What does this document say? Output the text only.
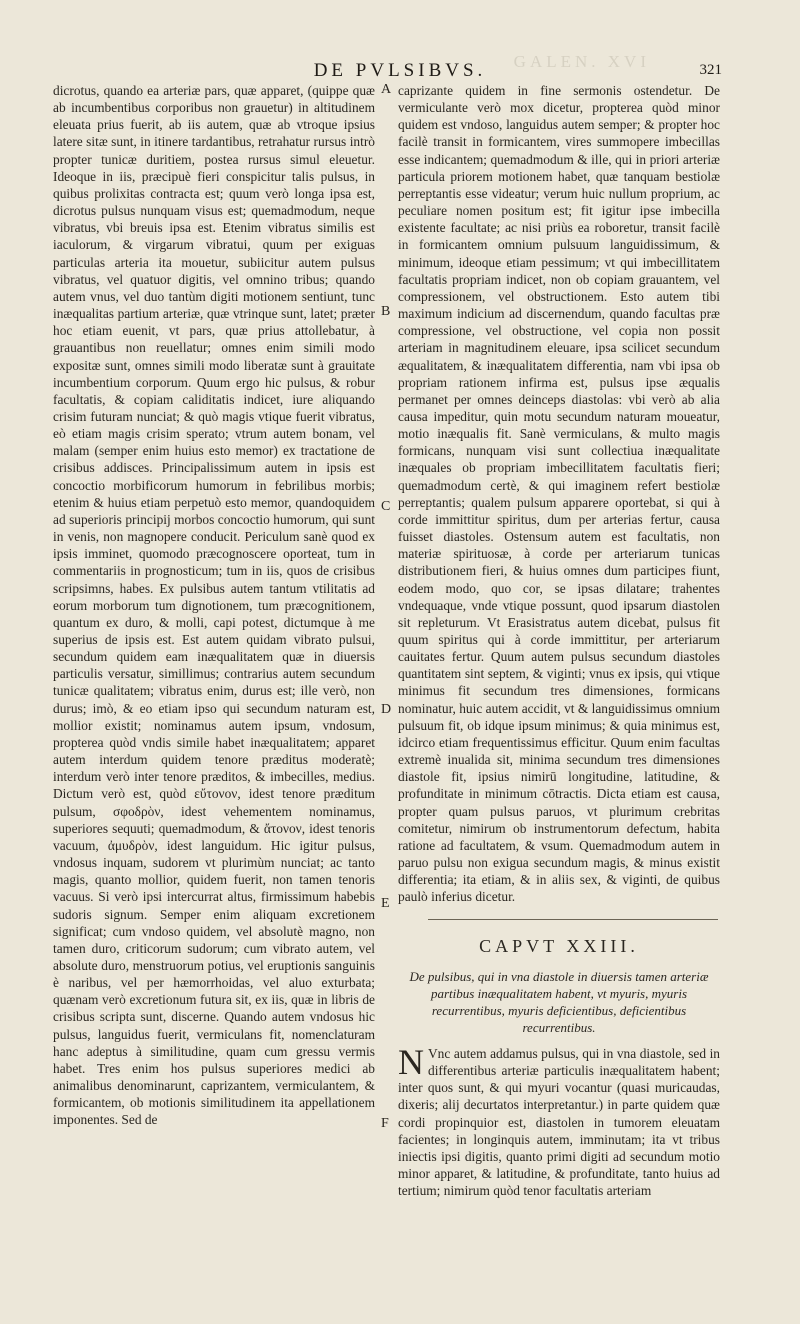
GALEN. XVI
DE PVLSIBVS.	321

dicrotus, quando ea arteriæ pars, quæ apparet, (quippe quæ ab incumbentibus corporibus non grauetur) in altitudinem eleuata prius fuerit, ab iis autem, quæ ab vtroque ipsius latere sitæ sunt, in itinere tardantibus, retrahatur rursus intrò propter tunicæ duritiem, postea rursus simul eleuetur. Ideoque in iis, præcipuè fieri conspicitur talis pulsus, in quibus prolixitas contracta est; quum verò longa ipsa est, dicrotus pulsus nunquam visus est; quemadmodum, neque vibratus, vbi breuis ipsa est. Etenim vibratus similis est iaculorum, & virgarum vibratui, quum per exiguas particulas arteria ita mouetur, subiicitur autem pulsus vibratus, vel quatuor digitis, vel omnino tribus; quando autem vnus, vel duo tantùm digiti motionem sentiunt, tunc inæqualitas partium arteriæ, quæ vtrinque sunt, latet; præter hoc etiam euenit, vt pars, quæ prius attollebatur, à grauantibus non reuellatur; omnes enim simili modo expositæ sunt, omnes simili modo liberatæ sunt à grauitate incumbentium corporum. Quum ergo hic pulsus, & robur facultatis, & copiam caliditatis indicet, iure aliquando crisim futuram nunciat; & quò magis vtique fuerit vibratus, eò etiam magis crisim sperato; vtrum autem bonam, vel malam (semper enim huius esto memor) ex tractatione de crisibus addisces. Principalissimum autem in ipsis est concoctio morbificorum humorum in febrilibus morbis; etenim & huius etiam perpetuò esto memor, quandoquidem ad superioris principij morbos concoctio humorum, qui sunt in venis, non magnopere conducit. Periculum sanè quod ex ipsis imminet, quomodo præcognoscere oporteat, tum in commentariis in prognosticum; tum in iis, quos de crisibus scripsimns, habes. Ex pulsibus autem tantum vtilitatis ad eorum morborum tum dignotionem, tum præcognitionem, quantum ex duro, & molli, capi potest, dictumque à me superius de ipsis est. Est autem quidam vibrato pulsui, secundum quidem eam inæqualitatem quæ in diuersis particulis versatur, simillimus; contrarius autem secundum tunicæ qualitatem; vibratus enim, durus est; ille verò, non durus; imò, & eo etiam ipso qui secundum naturam est, mollior existit; nominamus autem ipsum, vndosum, propterea quòd vndis simile habet inæqualitatem; apparet autem interdum quidem tenore præditus moderatè; interdum verò inter tenore præditos, & imbecilles, medius. Dictum verò est, quòd εὔτονον, idest tenore præditum pulsum, σφοδρὸν, idest vehementem nominamus, superiores sequuti; quemadmodum, & ἄτονον, idest tenoris vacuum, ἀμυδρὸν, idest languidum. Hic igitur pulsus, vndosus inquam, sudorem vt plurimùm nunciat; ac tanto magis, quanto mollior, quidem fuerit, non tamen tenoris vacuus. Si verò ipsi intercurrat altus, firmissimum habebis sudoris signum. Semper enim aliquam excretionem significat; cum vndoso quidem, vel absolutè magno, non tamen duro, criticorum sudorum; cum vibrato autem, vel absolute duro, menstruorum potius, vel eruptionis sanguinis è naribus, vel per hæmorrhoidas, vel aluo exturbata; quænam verò excretionum futura sit, ex iis, quæ in libris de crisibus scripta sunt, discerne. Quando autem vndosus hic pulsus, languidus fuerit, vermiculans fit, nomenclaturam hanc adeptus à similitudine, quam cum gressu vermis habet. Tres enim hos pulsus superiores medici ab animalibus denominarunt, caprizantem, vermiculantem, & formicantem, ob motionis similitudinem ita appellationem imponentes. Sed de

A
B
C
D
E
F

caprizante quidem in fine sermonis ostendetur. De vermiculante verò mox dicetur, propterea quòd minor quidem est vndoso, languidus autem semper; & propter hoc facilè transit in formicantem, vires summopere imbecillas esse indicantem; quemadmodum & ille, qui in priori arteriæ particula priorem motionem habet, quæ tanquam bestiolæ perreptantis esse videatur; verum huic nullum proprium, ac peculiare nomen positum est; fit igitur ipse imbecilla existente facultate; ac nisi priùs ea roboretur, transit facilè in formicantem omnium pulsuum languidissimum, & minimum, ideoque etiam pessimum; vt qui imbecillitatem facultatis propriam indicet, non ob copiam grauantem, vel compressionem, vel obstructionem. Esto autem tibi maximum indicium ad discernendum, quando facultas præ compressione, vel obstructione, vel copia non possit arteriam in magnitudinem eleuare, ipsa scilicet secundum æqualitatem, & inæqualitatem differentia, nam vbi ipsa ob propriam rationem infirma est, pulsus ipse æqualis permanet per omnes deinceps diastolas: vbi verò ab alia causa impeditur, quin motu secundum naturam moueatur, motio inæqualis fit. Sanè vermiculans, & multo magis formicans, nunquam visi sunt collectiua inæqualitate inæquales ob propriam imbecillitatem facultatis fieri; quemadmodum certè, & qui imaginem refert bestiolæ perreptantis; qualem pulsum apparere oportebat, si qui à corde immittitur spiritus, dum per arterias fertur, causa fuisset diastoles. Ostensum autem est facultatis, non materiæ spirituosæ, à corde per arteriarum tunicas distributionem fieri, & huius omnes dum participes fiunt, eodem modo, quo cor, se ipsas dilatare; trahentes vndequaque, vnde vtique possunt, quod ipsarum diastolen sit repleturum. Vt Erasistratus autem dicebat, pulsus fit quum spiritus qui à corde immittitur, per arteriarum cauitates fertur. Quum autem pulsus secundum diastoles quantitatem sint septem, & viginti; vnus ex ipsis, qui vtique minimus fit secundum tres dimensiones, formicans nominatur, huic autem accidit, vt & languidissimus omnium pulsuum fit, ob idque ipsum minimus; & quia minimus est, idcirco etiam frequentissimus efficitur. Quum enim facultas extremè inualida sit, minima secundum tres dimensiones diastole fit, ipsius nimirū longitudine, latitudine, & profunditate in minimum cōtractis. Dicta etiam est causa, propter quam pulsus paruos, vt plurimum crebritas comitetur, nimirum ob instrumentorum defectum, habita ratione ad facultatem, & vsum. Quemadmodum autem in paruo pulsu non exigua secundum magis, & minus existit differentia; ita etiam, & in aliis sex, & viginti, de quibus paulò inferius dicetur.

CAPVT XXIII.
De pulsibus, qui in vna diastole in diuersis tamen arteriæ partibus inæqualitatem habent, vt myuris, myuris recurrentibus, myuris deficientibus, deficientibus recurrentibus.
N Vnc autem addamus pulsus, qui in vna diastole, sed in differentibus arteriæ particulis inæqualitatem habent; inter quos sunt, & qui myuri vocantur (quasi muricaudas, dixeris; alij decurtatos interpretantur.) in parte quidem quæ cordi propinquior est, diastolen in tumorem eleuatam facientes; in longinquis autem, imminutam; ita vt tribus iniectis ipsi digitis, quanto primi digiti ad secundum motio minor apparet, & latitudine, & profunditate, tanto huius ad tertium; nimirum quòd tenor facultatis arteriam
